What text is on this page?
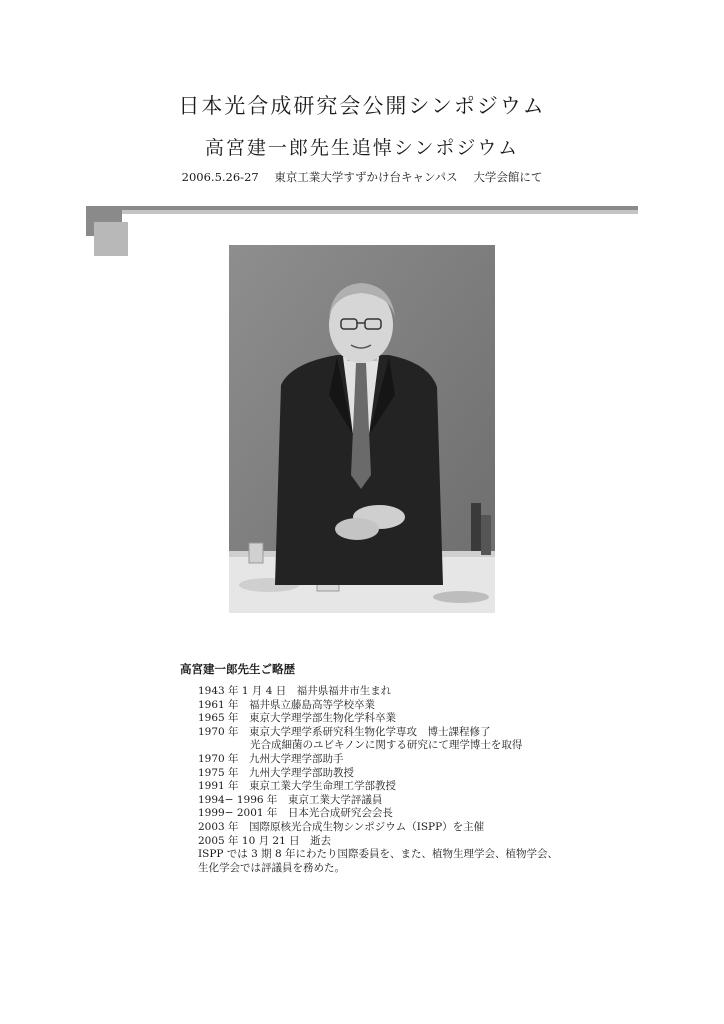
日本光合成研究会公開シンポジウム
高宮建一郎先生追悼シンポジウム
2006.5.26-27 東京工業大学すずかけ台キャンパス 大学会館にて
高宮建一郎先生ご略歴
1943 年 1 月 4 日　福井県福井市生まれ
1961 年　福井県立藤島高等学校卒業
1965 年　東京大学理学部生物化学科卒業
1970 年　東京大学理学系研究科生物化学専攻　博士課程修了
光合成細菌のユビキノンに関する研究にて理学博士を取得
1970 年　九州大学理学部助手
1975 年　九州大学理学部助教授
1991 年　東京工業大学生命理工学部教授
1994− 1996 年　東京工業大学評議員
1999− 2001 年　日本光合成研究会会長
2003 年　国際原核光合成生物シンポジウム（ISPP）を主催
2005 年 10 月 21 日　逝去
ISPP では 3 期 8 年にわたり国際委員を、また、植物生理学会、植物学会、
生化学会では評議員を務めた。
